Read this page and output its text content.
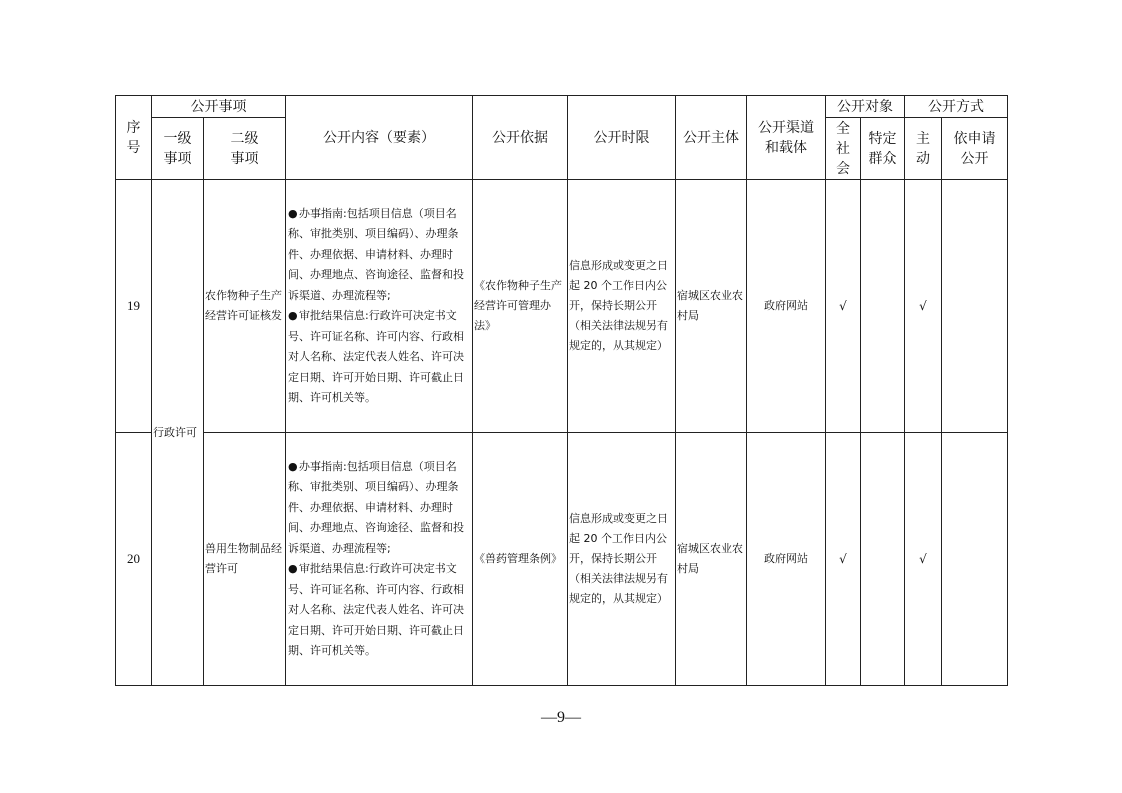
序号	公开事项		公开内容（要素）	公开依据	公开时限	公开主体	公开渠道和载体	公开对象		公开方式	
	一级事项	二级事项						全社会	特定群众	主动	依申请公开
19	行政许可	农作物种子生产经营许可证核发	●办事指南:包括项目信息（项目名称、审批类别、项目编码）、办理条件、办理依据、申请材料、办理时间、办理地点、咨询途径、监督和投诉渠道、办理流程等;
●审批结果信息:行政许可决定书文号、许可证名称、许可内容、行政相对人名称、法定代表人姓名、许可决定日期、许可开始日期、许可截止日期、许可机关等。	《农作物种子生产经营许可管理办法》	信息形成或变更之日起 20 个工作日内公开，保持长期公开（相关法律法规另有规定的，从其规定）	宿城区农业农村局	政府网站	√		√	
20		兽用生物制品经营许可	●办事指南:包括项目信息（项目名称、审批类别、项目编码）、办理条件、办理依据、申请材料、办理时间、办理地点、咨询途径、监督和投诉渠道、办理流程等;
●审批结果信息:行政许可决定书文号、许可证名称、许可内容、行政相对人名称、法定代表人姓名、许可决定日期、许可开始日期、许可截止日期、许可机关等。	《兽药管理条例》	信息形成或变更之日起 20 个工作日内公开，保持长期公开（相关法律法规另有规定的，从其规定）	宿城区农业农村局	政府网站	√		√	
—9—
